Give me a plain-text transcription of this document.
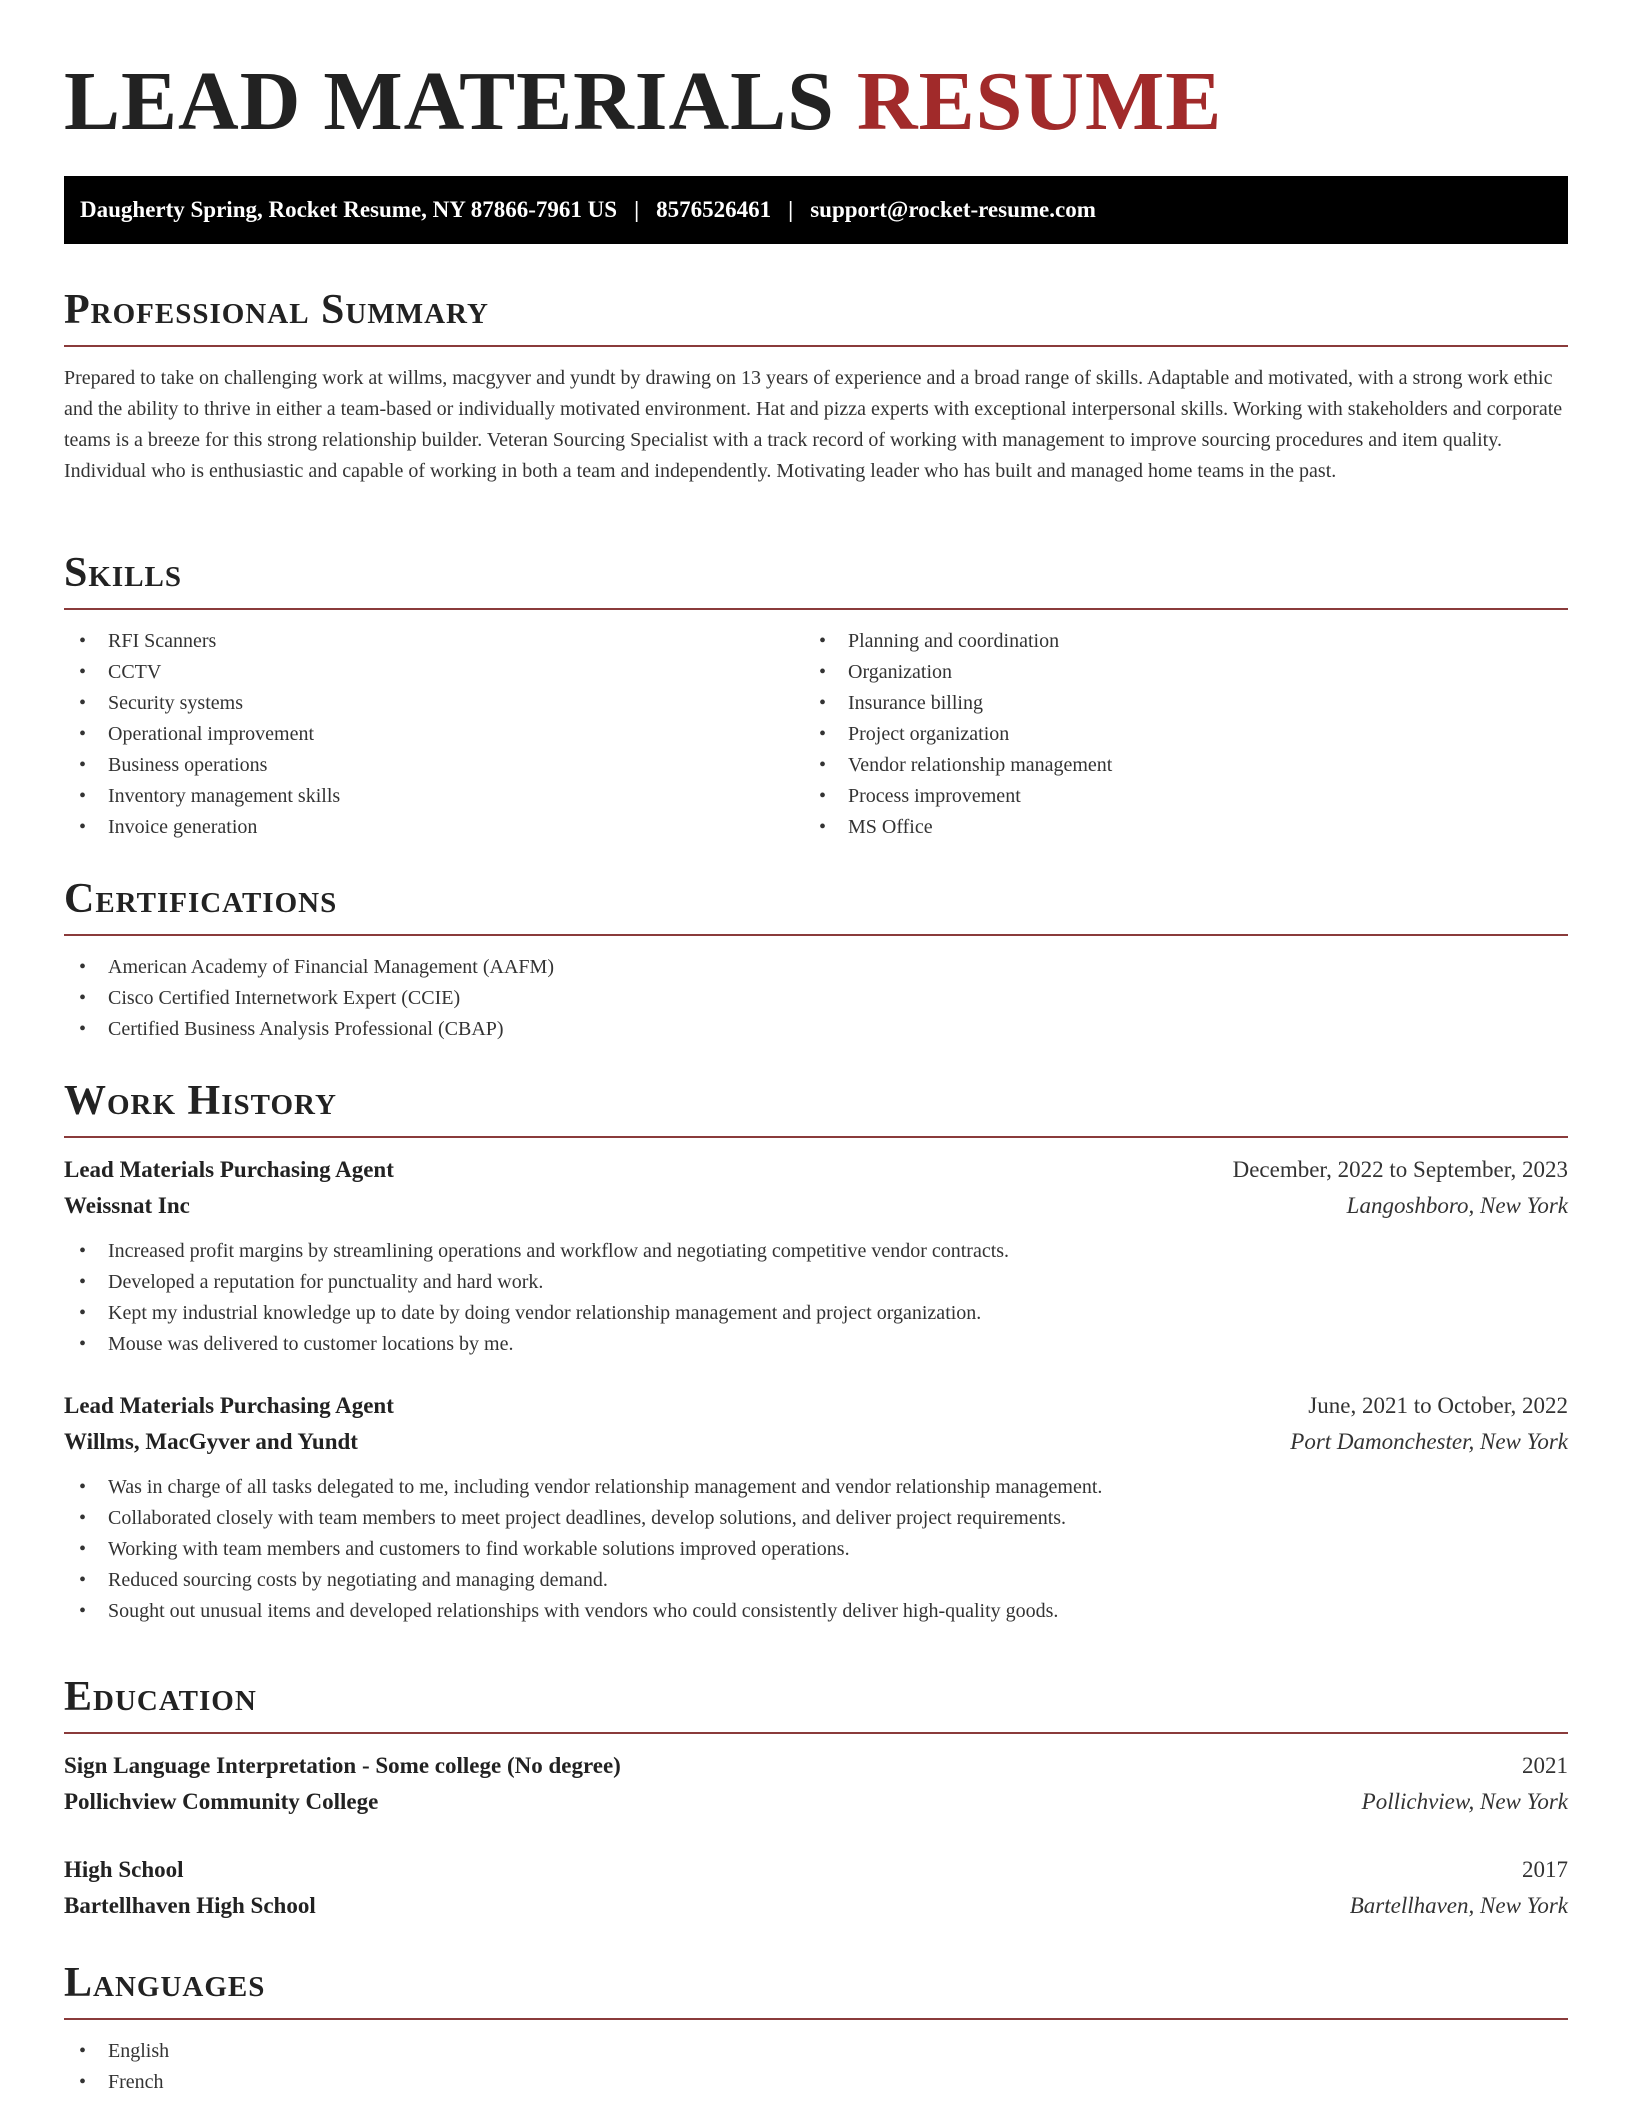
LEAD MATERIALS RESUME
Daugherty Spring, Rocket Resume, NY 87866-7961 US | 8576526461 | support@rocket-resume.com
Professional Summary

Prepared to take on challenging work at willms, macgyver and yundt by drawing on 13 years of experience and a broad range of skills. Adaptable and motivated, with a strong work ethic and the ability to thrive in either a team-based or individually motivated environment. Hat and pizza experts with exceptional interpersonal skills. Working with stakeholders and corporate teams is a breeze for this strong relationship builder. Veteran Sourcing Specialist with a track record of working with management to improve sourcing procedures and item quality. Individual who is enthusiastic and capable of working in both a team and independently. Motivating leader who has built and managed home teams in the past.

Skills
• RFI Scanners
• CCTV
• Security systems
• Operational improvement
• Business operations
• Inventory management skills
• Invoice generation
• Planning and coordination
• Organization
• Insurance billing
• Project organization
• Vendor relationship management
• Process improvement
• MS Office
Certifications
• American Academy of Financial Management (AAFM)
• Cisco Certified Internetwork Expert (CCIE)
• Certified Business Analysis Professional (CBAP)
Work History
Lead Materials Purchasing Agent	December, 2022 to September, 2023
Weissnat Inc	Langoshboro, New York
• Increased profit margins by streamlining operations and workflow and negotiating competitive vendor contracts.
• Developed a reputation for punctuality and hard work.
• Kept my industrial knowledge up to date by doing vendor relationship management and project organization.
• Mouse was delivered to customer locations by me.
Lead Materials Purchasing Agent	June, 2021 to October, 2022
Willms, MacGyver and Yundt	Port Damonchester, New York
• Was in charge of all tasks delegated to me, including vendor relationship management and vendor relationship management.
• Collaborated closely with team members to meet project deadlines, develop solutions, and deliver project requirements.
• Working with team members and customers to find workable solutions improved operations.
• Reduced sourcing costs by negotiating and managing demand.
• Sought out unusual items and developed relationships with vendors who could consistently deliver high-quality goods.
Education
Sign Language Interpretation - Some college (No degree)	2021
Pollichview Community College	Pollichview, New York
High School	2017
Bartellhaven High School	Bartellhaven, New York
Languages
• English
• French
